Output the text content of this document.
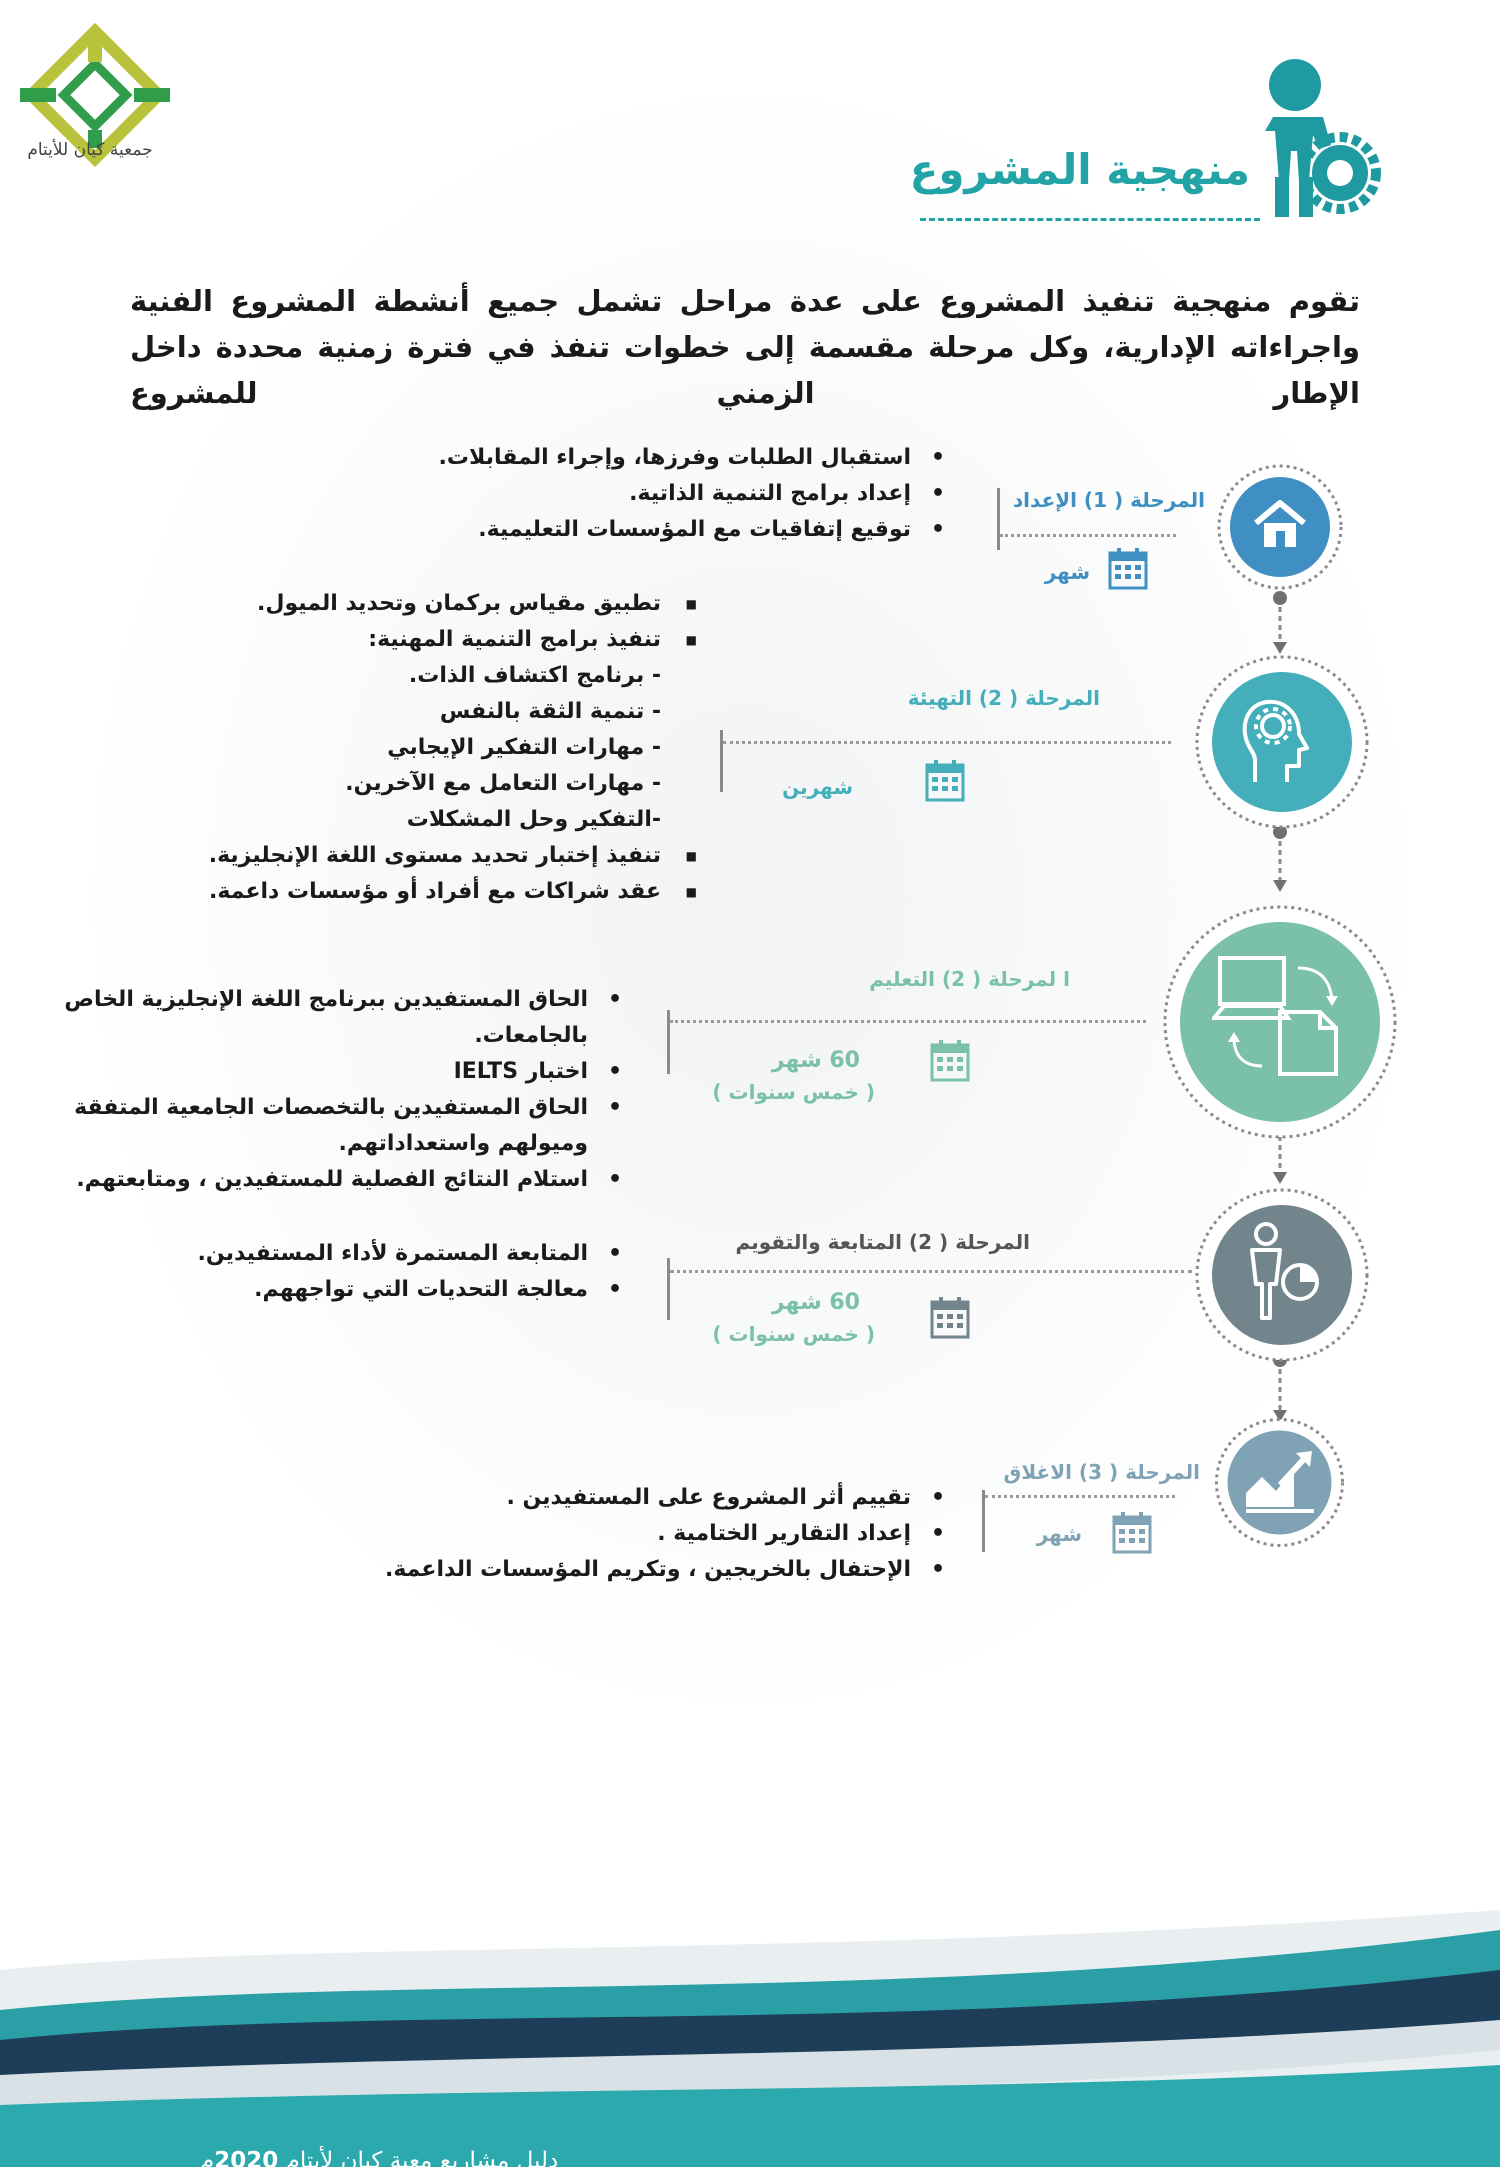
جمعية كيان للأيتام	منهجية المشروع
تقوم منهجية تنفيذ المشروع على عدة مراحل تشمل جميع أنشطة المشروع الفنية واجراءاته الإدارية، وكل مرحلة مقسمة إلى خطوات تنفذ في فترة زمنية محددة داخل الإطار الزمني للمشروع
المرحلة ( 1) الإعداد
شهر
• استقبال الطلبات وفرزها، وإجراء المقابلات.
• إعداد برامج التنمية الذاتية.
• توقيع إتفاقيات مع المؤسسات التعليمية.
المرحلة ( 2) التهيئة
شهرين
■ تطبيق مقياس بركمان وتحديد الميول.
■ تنفيذ برامج التنمية المهنية:
- برنامج اكتشاف الذات.
- تنمية الثقة بالنفس
- مهارات التفكير الإيجابي
- مهارات التعامل مع الآخرين.
-التفكير وحل المشكلات
■ تنفيذ إختبار تحديد مستوى اللغة الإنجليزية.
■ عقد شراكات مع أفراد أو مؤسسات داعمة.
ا لمرحلة ( 2) التعليم
60 شهر
( خمس سنوات )
• الحاق المستفيدين ببرنامج اللغة الإنجليزية الخاص بالجامعات.
• اختبار IELTS
• الحاق المستفيدين بالتخصصات الجامعية المتفقة وميولهم واستعداداتهم.
• استلام النتائج الفصلية للمستفيدين ، ومتابعتهم.
المرحلة ( 2) المتابعة والتقويم
60 شهر
( خمس سنوات )
• المتابعة المستمرة لأداء المستفيدين.
• معالجة التحديات التي تواجههم.
المرحلة ( 3) الاغلاق
شهر
• تقييم أثر المشروع على المستفيدين .
• إعداد التقارير الختامية .
• الإحتفال بالخريجين ، وتكريم المؤسسات الداعمة.
دليل مشاريع معية كيان لأيتام 2020م
